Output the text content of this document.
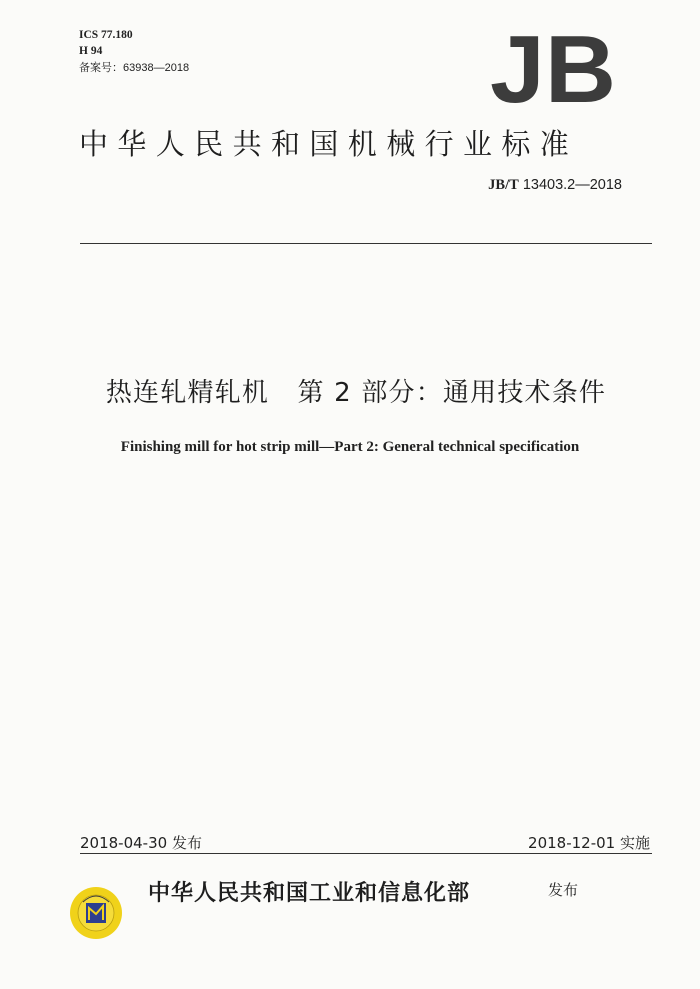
ICS 77.180
H 94
备案号：63938—2018	JB
中华人民共和国机械行业标准
JB/T 13403.2—2018
热连轧精轧机   第 2 部分：通用技术条件
Finishing mill for hot strip mill—Part 2: General technical specification
2018-04-30 发布	2018-12-01 实施
中华人民共和国工业和信息化部	发布
